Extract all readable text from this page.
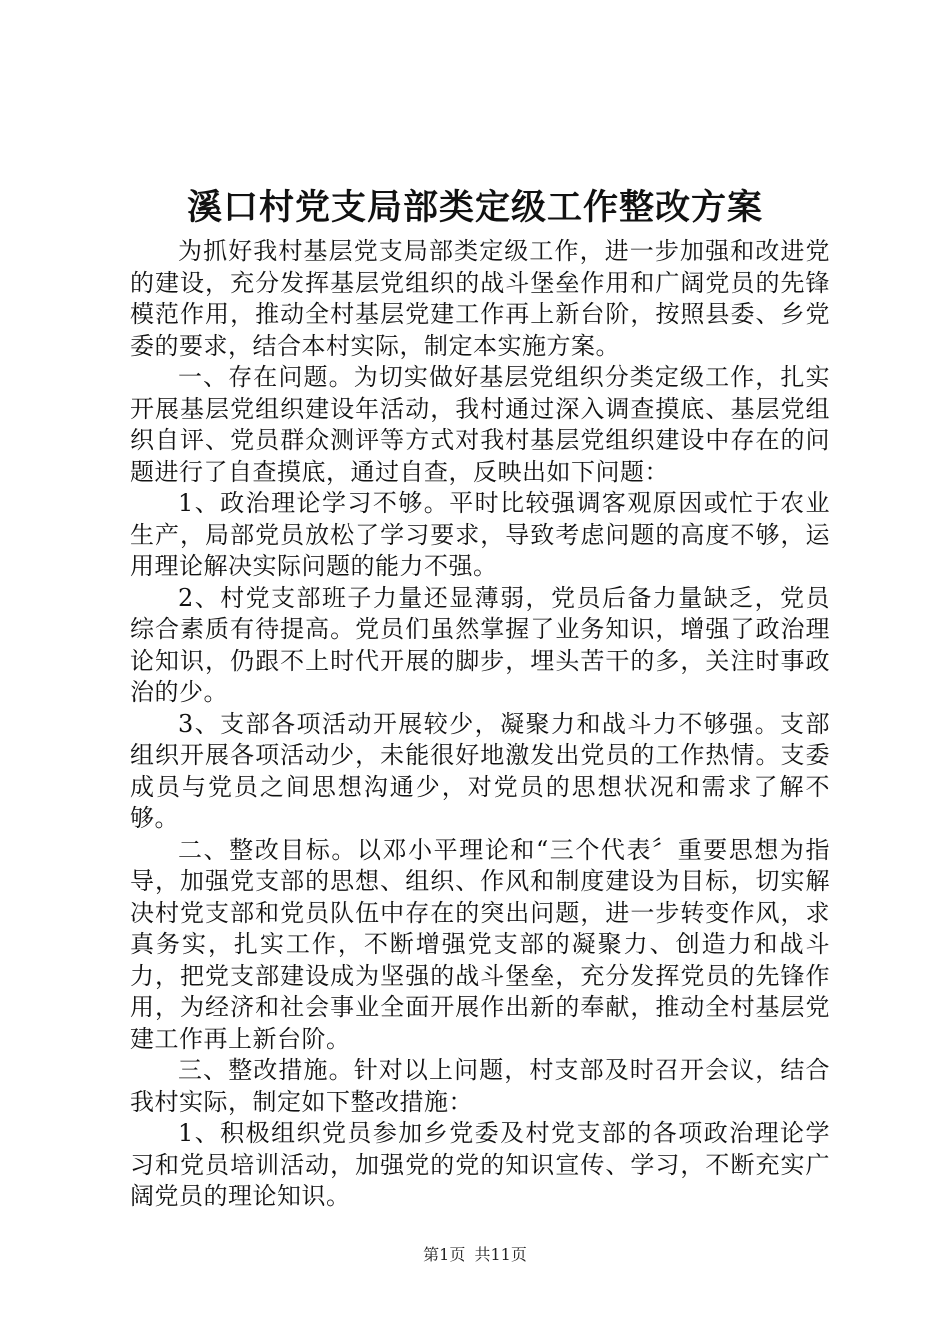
溪口村党支局部类定级工作整改方案

为抓好我村基层党支局部类定级工作，进一步加强和改进党的建设，充分发挥基层党组织的战斗堡垒作用和广阔党员的先锋模范作用，推动全村基层党建工作再上新台阶，按照县委、乡党委的要求，结合本村实际，制定本实施方案。

一、存在问题。为切实做好基层党组织分类定级工作，扎实开展基层党组织建设年活动，我村通过深入调查摸底、基层党组织自评、党员群众测评等方式对我村基层党组织建设中存在的问题进行了自查摸底，通过自查，反映出如下问题：

1、政治理论学习不够。平时比较强调客观原因或忙于农业生产，局部党员放松了学习要求，导致考虑问题的高度不够，运用理论解决实际问题的能力不强。

2、村党支部班子力量还显薄弱，党员后备力量缺乏，党员综合素质有待提高。党员们虽然掌握了业务知识，增强了政治理论知识，仍跟不上时代开展的脚步，埋头苦干的多，关注时事政治的少。

3、支部各项活动开展较少，凝聚力和战斗力不够强。支部组织开展各项活动少，未能很好地激发出党员的工作热情。支委成员与党员之间思想沟通少，对党员的思想状况和需求了解不够。

二、整改目标。以邓小平理论和“三个代表〞重要思想为指导，加强党支部的思想、组织、作风和制度建设为目标，切实解决村党支部和党员队伍中存在的突出问题，进一步转变作风，求真务实，扎实工作，不断增强党支部的凝聚力、创造力和战斗力，把党支部建设成为坚强的战斗堡垒，充分发挥党员的先锋作用，为经济和社会事业全面开展作出新的奉献，推动全村基层党建工作再上新台阶。

三、整改措施。针对以上问题，村支部及时召开会议，结合我村实际，制定如下整改措施：

1、积极组织党员参加乡党委及村党支部的各项政治理论学习和党员培训活动，加强党的党的知识宣传、学习，不断充实广阔党员的理论知识。

第1页 共11页
